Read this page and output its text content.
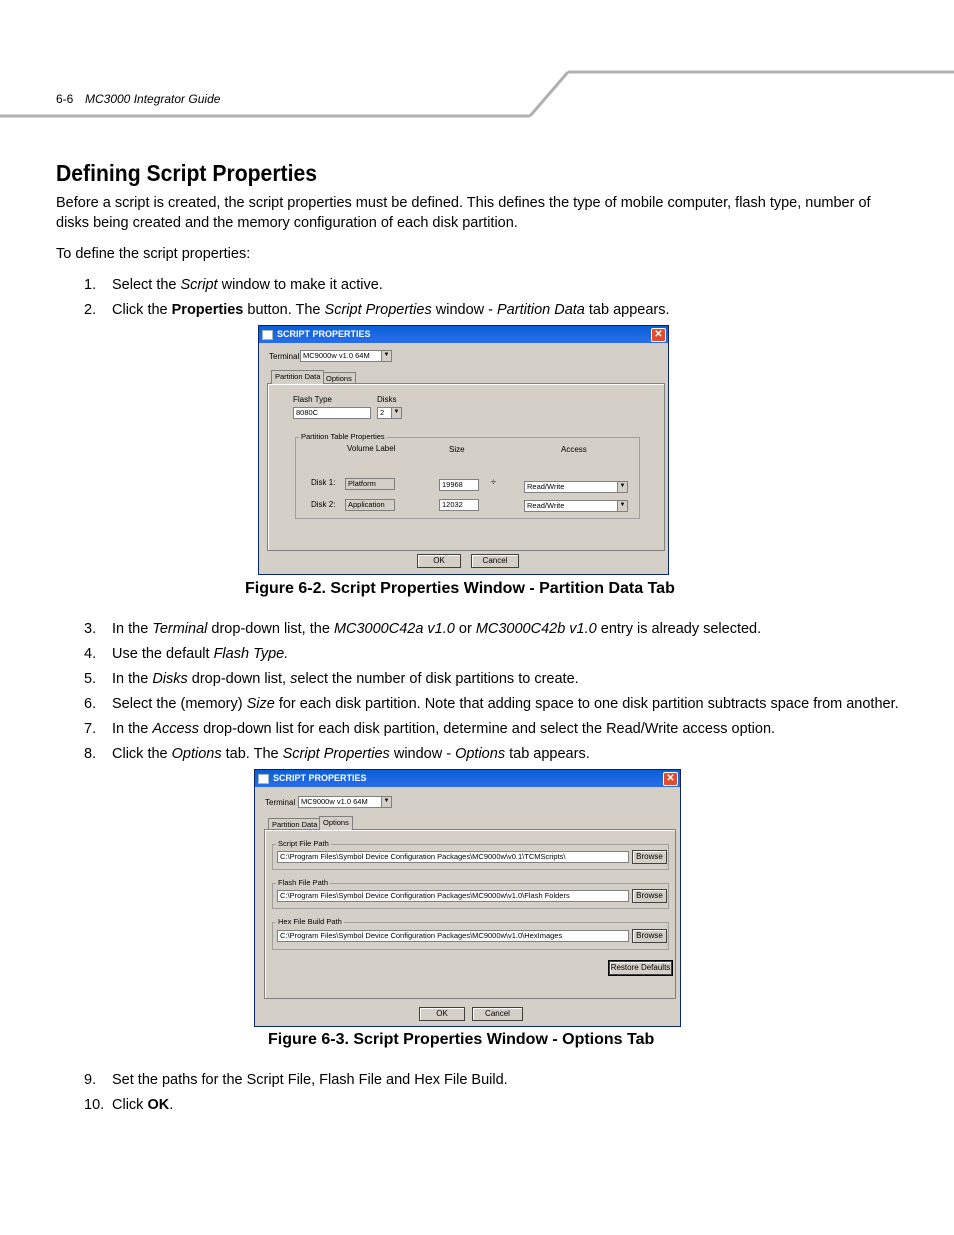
6-6 MC3000 Integrator Guide
Defining Script Properties

Before a script is created, the script properties must be defined. This defines the type of mobile computer, flash type, number of disks being created and the memory configuration of each disk partition.

To define the script properties:

1. Select the Script window to make it active.
2. Click the Properties button. The Script Properties window - Partition Data tab appears.
SCRIPT PROPERTIES	✕
Terminal MC9000w v1.0 64M	▼
Partition Data Options
Flash Type
8080C
Disks
2	▼
Partition Table Properties
Volume Label	Size	Access
Disk 1:	Platform	19968	÷	Read/Write	▼
Disk 2:	Application	12032	Read/Write	▼
OK	Cancel
Figure 6-2. Script Properties Window - Partition Data Tab
3. In the Terminal drop-down list, the MC3000C42a v1.0 or MC3000C42b v1.0 entry is already selected.
4. Use the default Flash Type.
5. In the Disks drop-down list, select the number of disk partitions to create.
6. Select the (memory) Size for each disk partition. Note that adding space to one disk partition subtracts space from another.
7. In the Access drop-down list for each disk partition, determine and select the Read/Write access option.
8. Click the Options tab. The Script Properties window - Options tab appears.
SCRIPT PROPERTIES	✕
Terminal MC9000w v1.0 64M	▼
Partition Data Options
Script File Path
C:\Program Files\Symbol Device Configuration Packages\MC9000w\v0.1\TCMScripts\	Browse
Flash File Path
C:\Program Files\Symbol Device Configuration Packages\MC9000w\v1.0\Flash Folders	Browse
Hex File Build Path
C:\Program Files\Symbol Device Configuration Packages\MC9000w\v1.0\HexImages	Browse
Restore Defaults
OK	Cancel
Figure 6-3. Script Properties Window - Options Tab
9. Set the paths for the Script File, Flash File and Hex File Build.
10. Click OK.
